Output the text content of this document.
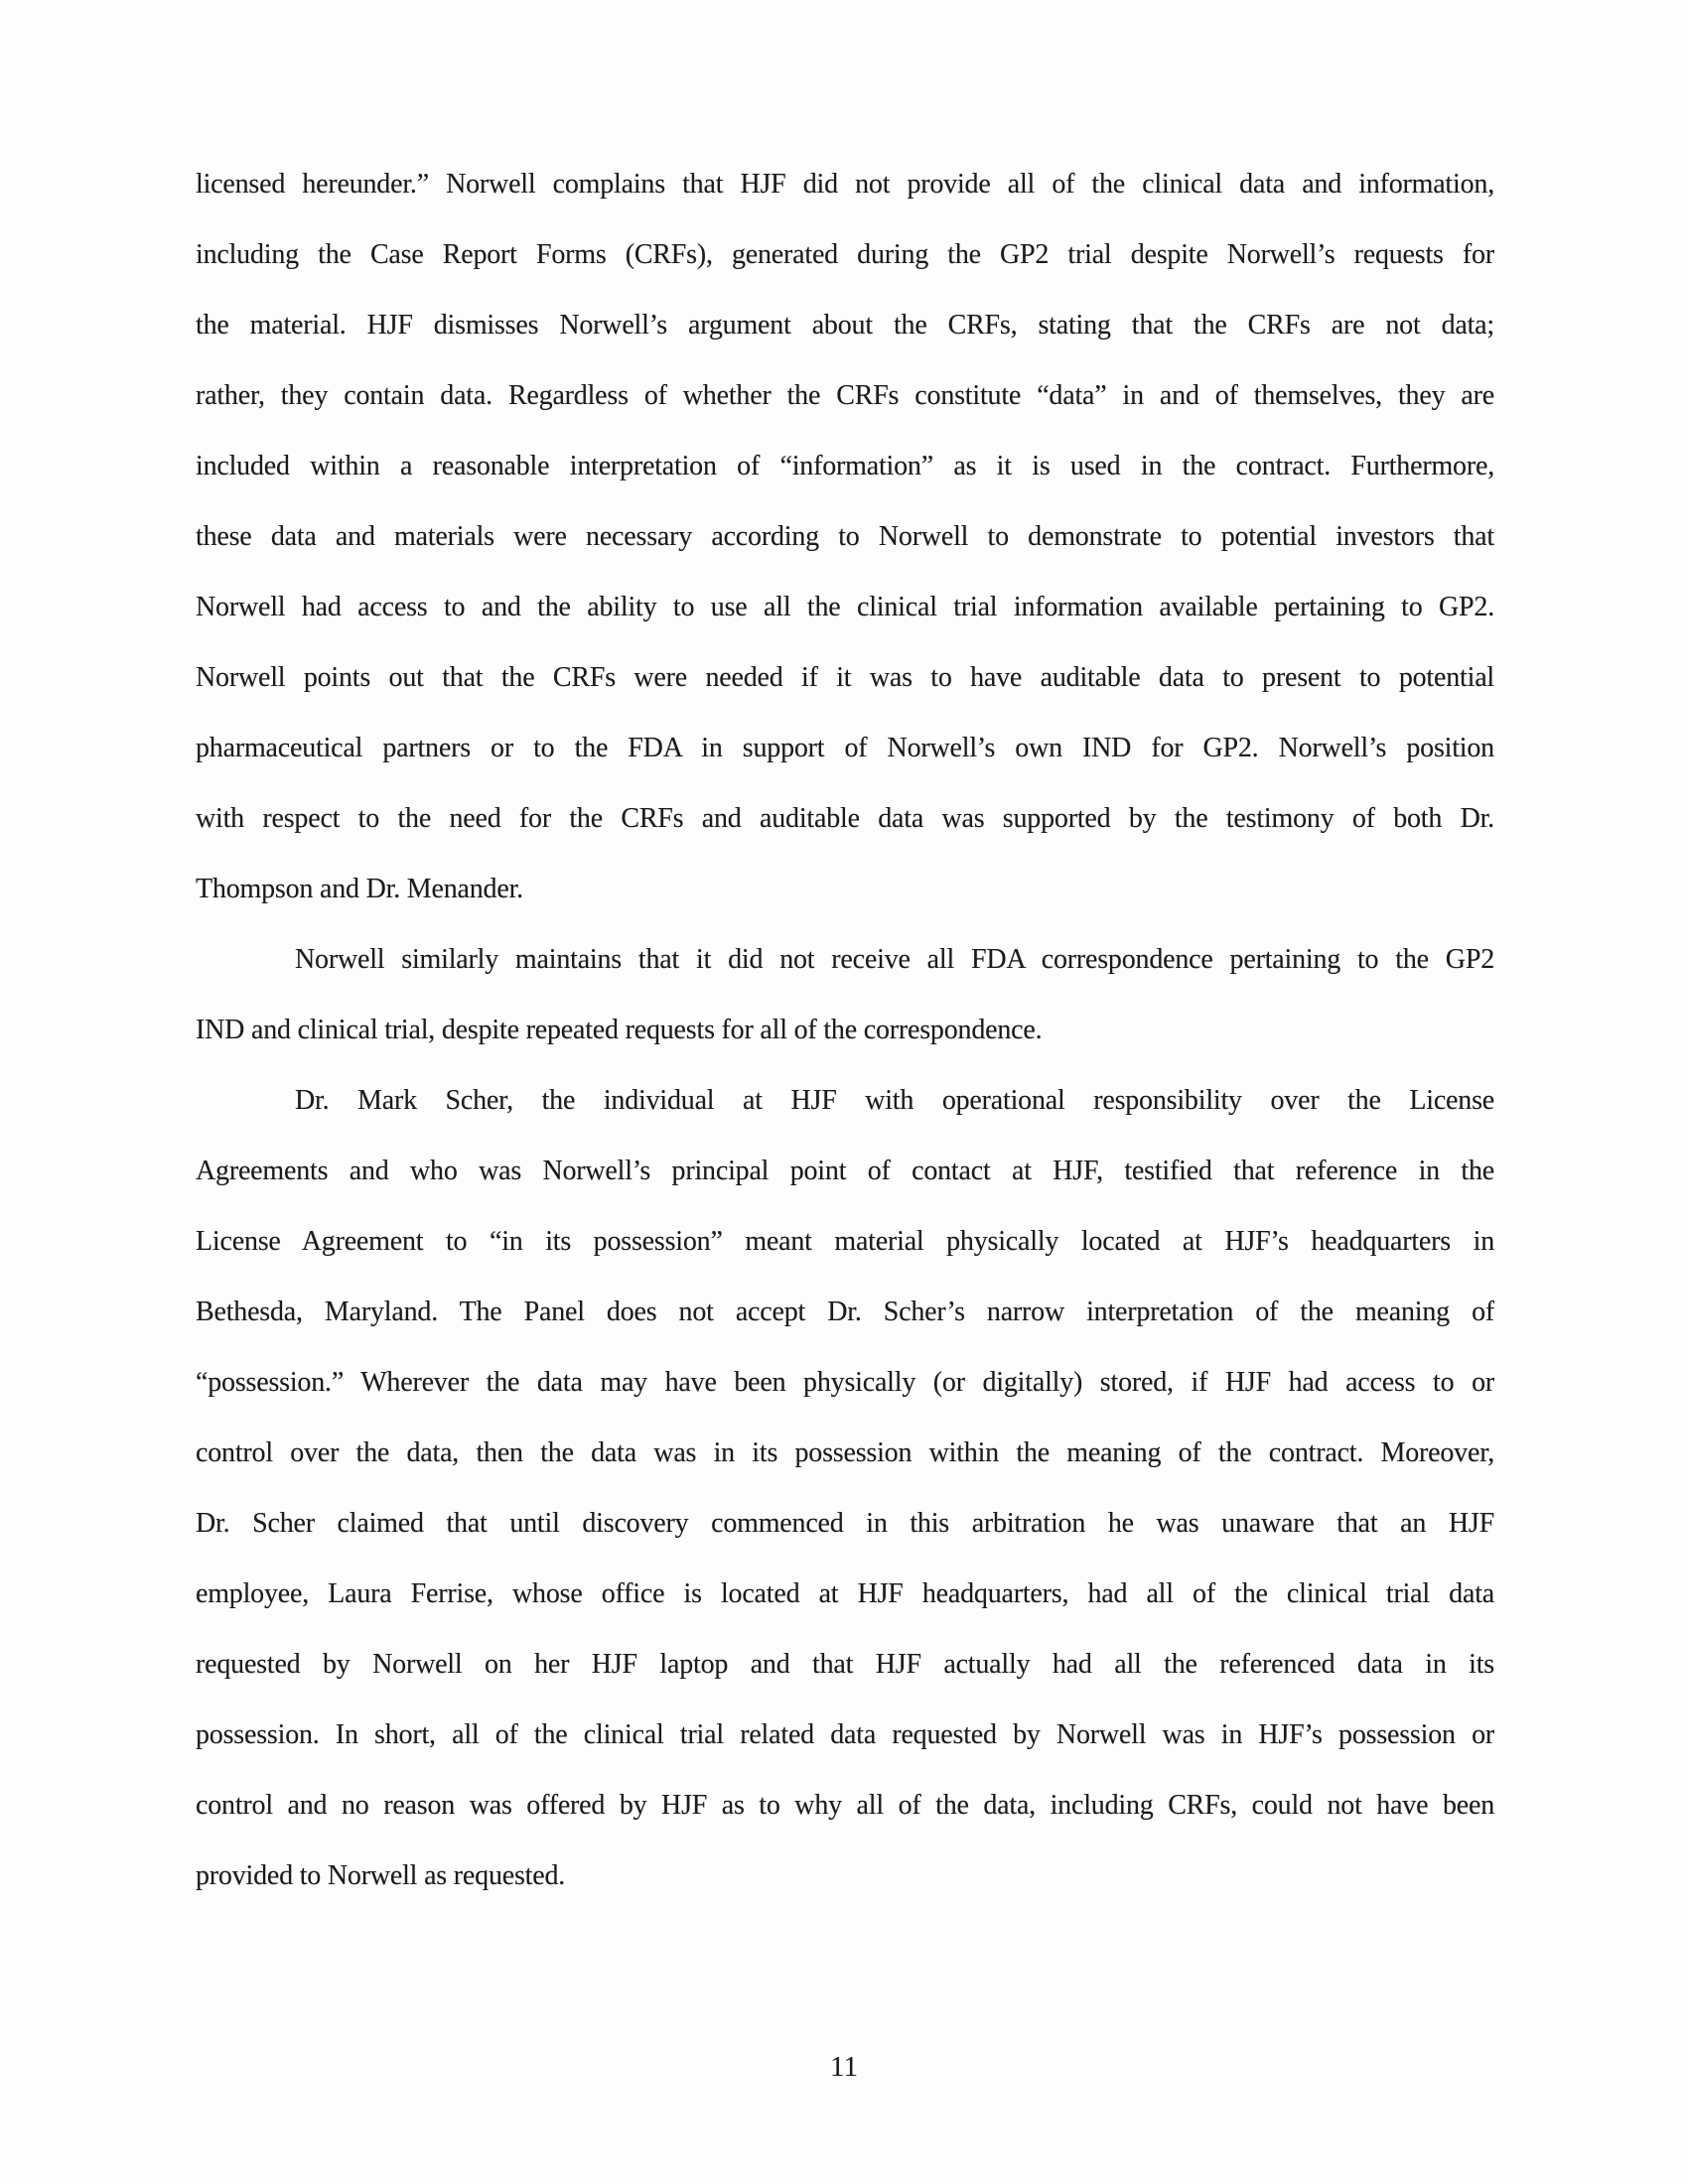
licensed hereunder.” Norwell complains that HJF did not provide all of the clinical data and information,
including the Case Report Forms (CRFs), generated during the GP2 trial despite Norwell’s requests for
the material. HJF dismisses Norwell’s argument about the CRFs, stating that the CRFs are not data;
rather, they contain data. Regardless of whether the CRFs constitute “data” in and of themselves, they are
included within a reasonable interpretation of “information” as it is used in the contract. Furthermore,
these data and materials were necessary according to Norwell to demonstrate to potential investors that
Norwell had access to and the ability to use all the clinical trial information available pertaining to GP2.
Norwell points out that the CRFs were needed if it was to have auditable data to present to potential
pharmaceutical partners or to the FDA in support of Norwell’s own IND for GP2. Norwell’s position
with respect to the need for the CRFs and auditable data was supported by the testimony of both Dr.
Thompson and Dr. Menander.
Norwell similarly maintains that it did not receive all FDA correspondence pertaining to the GP2
IND and clinical trial, despite repeated requests for all of the correspondence.
Dr. Mark Scher, the individual at HJF with operational responsibility over the License
Agreements and who was Norwell’s principal point of contact at HJF, testified that reference in the
License Agreement to “in its possession” meant material physically located at HJF’s headquarters in
Bethesda, Maryland. The Panel does not accept Dr. Scher’s narrow interpretation of the meaning of
“possession.” Wherever the data may have been physically (or digitally) stored, if HJF had access to or
control over the data, then the data was in its possession within the meaning of the contract. Moreover,
Dr. Scher claimed that until discovery commenced in this arbitration he was unaware that an HJF
employee, Laura Ferrise, whose office is located at HJF headquarters, had all of the clinical trial data
requested by Norwell on her HJF laptop and that HJF actually had all the referenced data in its
possession. In short, all of the clinical trial related data requested by Norwell was in HJF’s possession or
control and no reason was offered by HJF as to why all of the data, including CRFs, could not have been
provided to Norwell as requested.
11
